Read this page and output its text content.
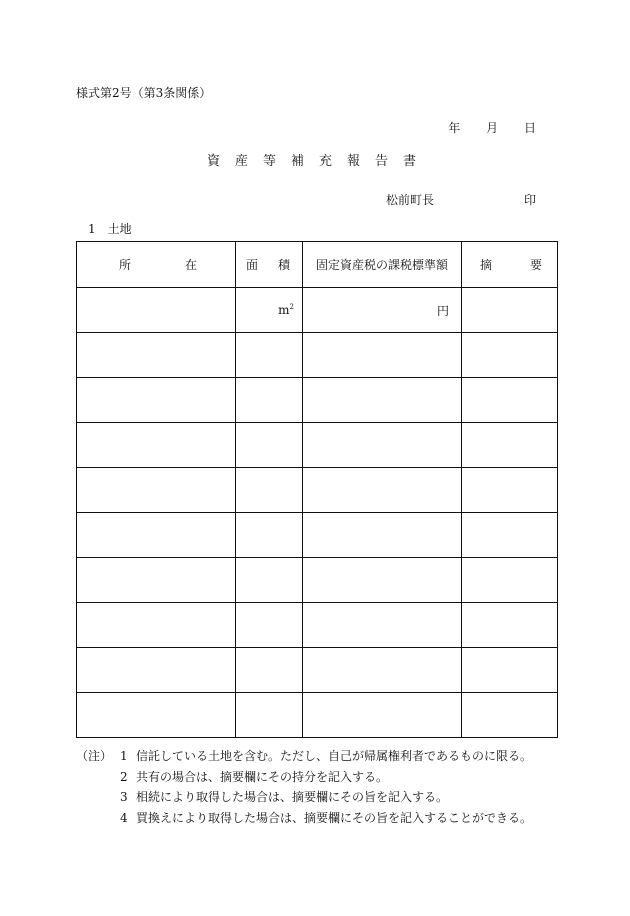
様式第2号（第3条関係）
年 月 日
資産等補充報告書
松前町長	印
1 土地
所 在	面 積	固定資産税の課税標準額	摘 要

	$m^2$	円	

（注） 1 信託している土地を含む。ただし、自己が帰属権利者であるものに限る。
2 共有の場合は、摘要欄にその持分を記入する。
3 相続により取得した場合は、摘要欄にその旨を記入する。
4 買換えにより取得した場合は、摘要欄にその旨を記入することができる。
